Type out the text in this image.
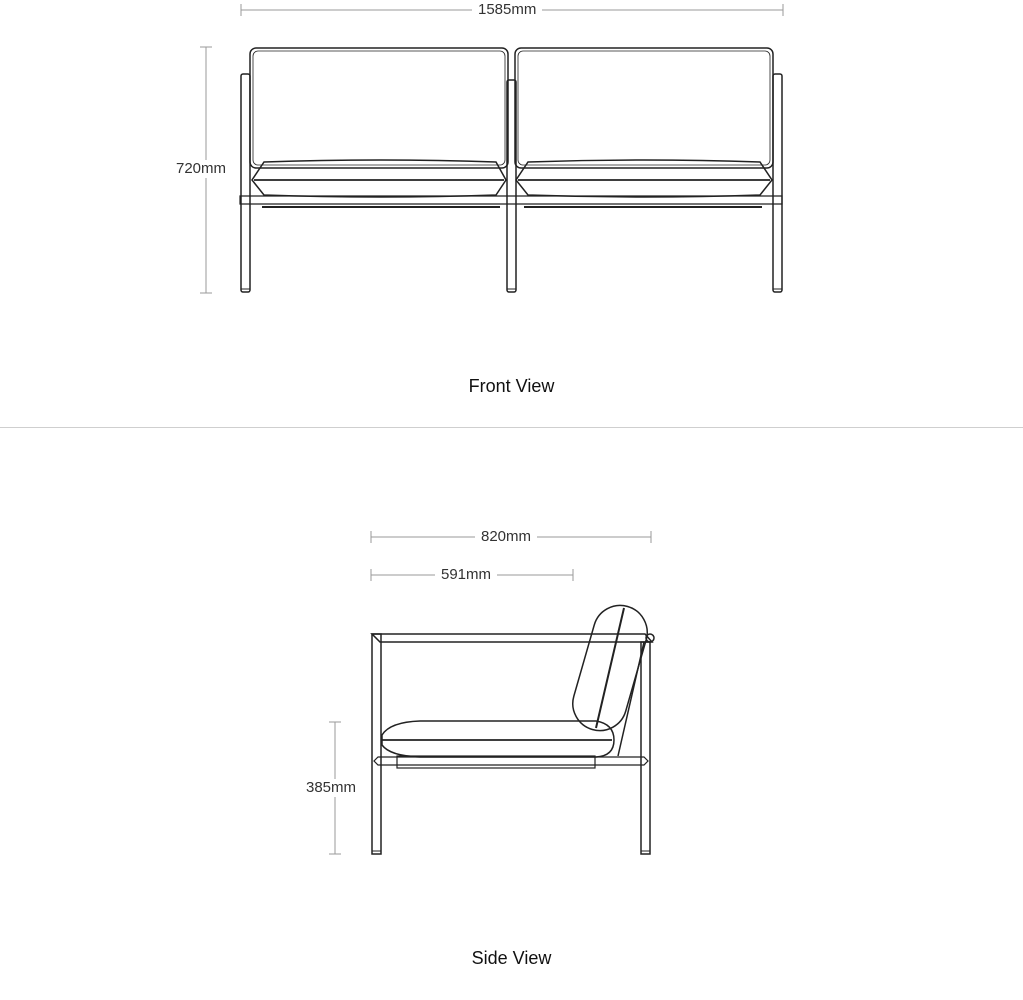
1585mm
720mm
Front View
820mm
591mm
385mm
Side View
